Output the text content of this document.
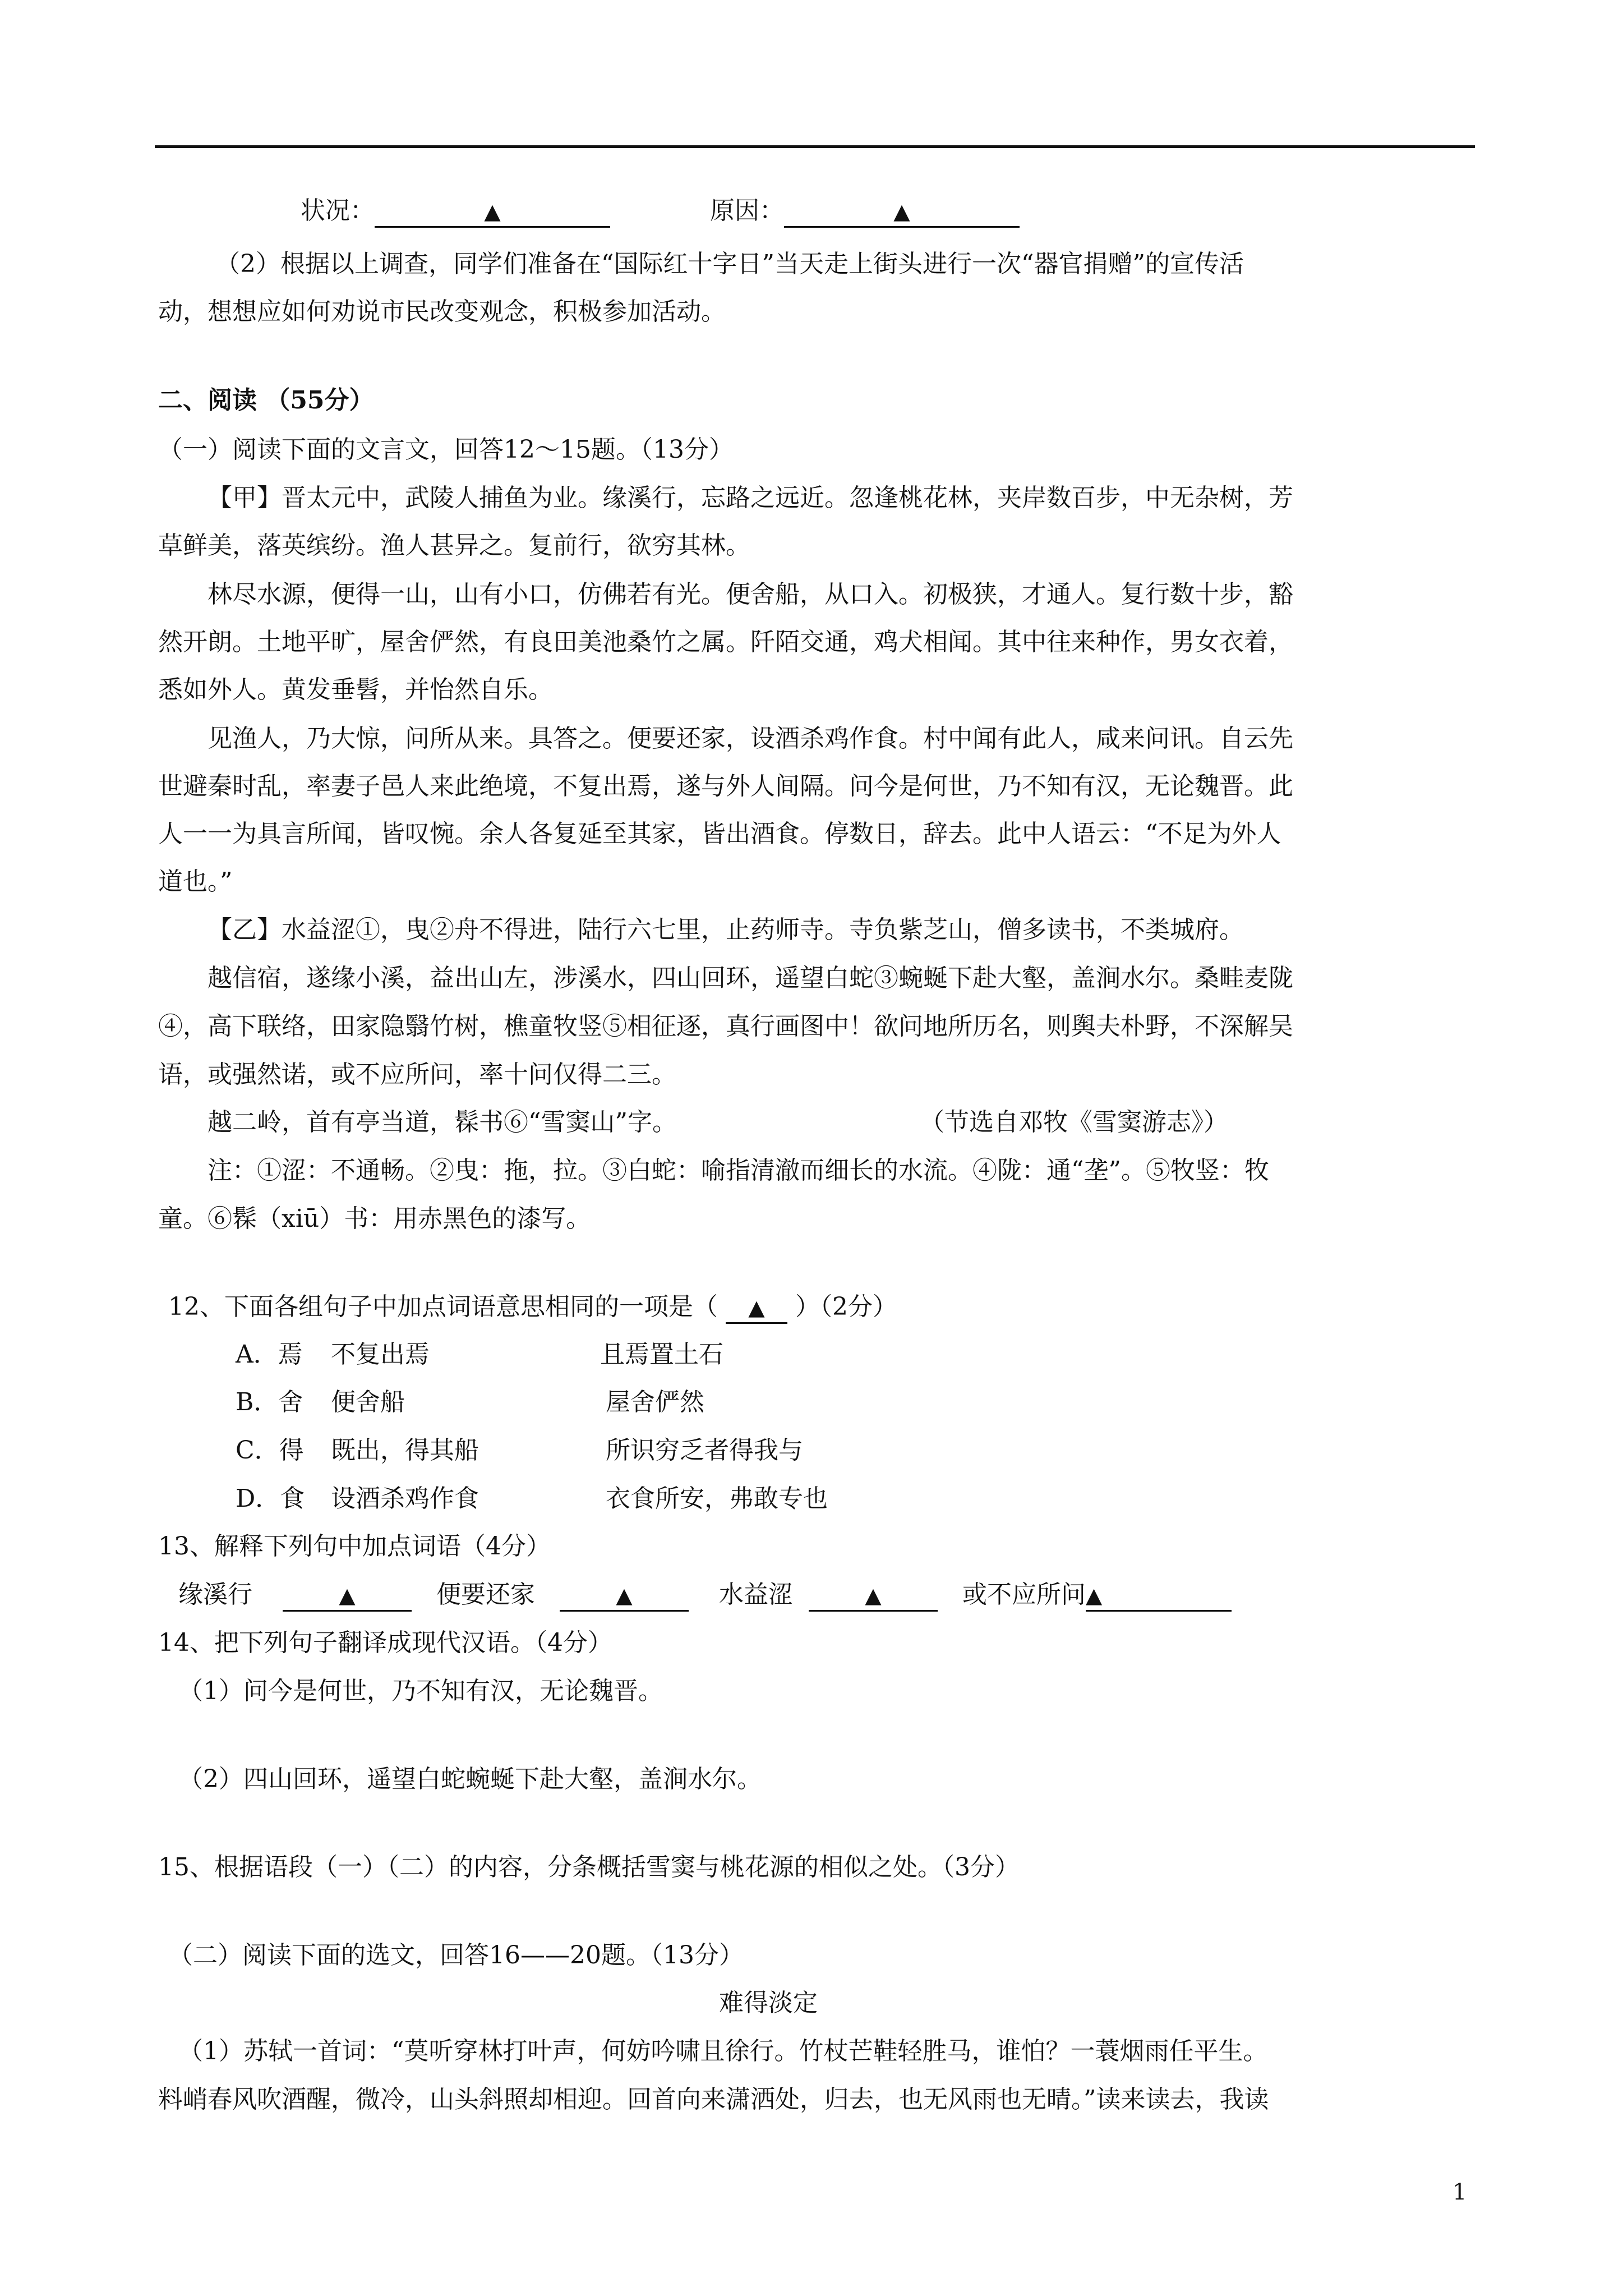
状况：	▲	原因：	▲
（2）根据以上调查，同学们准备在“国际红十字日”当天走上街头进行一次“器官捐赠”的宣传活
动，想想应如何劝说市民改变观念，积极参加活动。
二、阅读 （55分）
（一）阅读下面的文言文，回答12～15题。（13分）
【甲】晋太元中，武陵人捕鱼为业。缘溪行，忘路之远近。忽逢桃花林，夹岸数百步，中无杂树，芳
草鲜美，落英缤纷。渔人甚异之。复前行，欲穷其林。
林尽水源，便得一山，山有小口，仿佛若有光。便舍船，从口入。初极狭，才通人。复行数十步，豁
然开朗。土地平旷，屋舍俨然，有良田美池桑竹之属。阡陌交通，鸡犬相闻。其中往来种作，男女衣着，
悉如外人。黄发垂髫，并怡然自乐。
见渔人，乃大惊，问所从来。具答之。便要还家，设酒杀鸡作食。村中闻有此人，咸来问讯。自云先
世避秦时乱，率妻子邑人来此绝境，不复出焉，遂与外人间隔。问今是何世，乃不知有汉，无论魏晋。此
人一一为具言所闻，皆叹惋。余人各复延至其家，皆出酒食。停数日，辞去。此中人语云：“不足为外人
道也。”
【乙】水益涩①，曳②舟不得进，陆行六七里，止药师寺。寺负紫芝山，僧多读书，不类城府。
越信宿，遂缘小溪，益出山左，涉溪水，四山回环，遥望白蛇③蜿蜒下赴大壑，盖涧水尔。桑畦麦陇
④，高下联络，田家隐翳竹树，樵童牧竖⑤相征逐，真行画图中！欲问地所历名，则舆夫朴野，不深解吴
语，或强然诺，或不应所问，率十问仅得二三。
越二岭，首有亭当道，髹书⑥“雪窦山”字。	（节选自邓牧《雪窦游志》）
注：①涩：不通畅。②曳：拖，拉。③白蛇：喻指清澈而细长的水流。④陇：通“垄”。⑤牧竖：牧
童。⑥髹（xiū）书：用赤黑色的漆写。
12、下面各组句子中加点词语意思相同的一项是（ ▲ ）（2分）
A．焉 不复出焉	且焉置土石
B．舍 便舍船	屋舍俨然
C．得 既出，得其船	所识穷乏者得我与
D．食 设酒杀鸡作食	衣食所安，弗敢专也
13、解释下列句中加点词语（4分）
缘溪行	▲	便要还家	▲	水益涩	▲	或不应所问▲
14、把下列句子翻译成现代汉语。（4分）
（1）问今是何世，乃不知有汉，无论魏晋。
（2）四山回环，遥望白蛇蜿蜒下赴大壑，盖涧水尔。
15、根据语段（一）（二）的内容，分条概括雪窦与桃花源的相似之处。（3分）
（二）阅读下面的选文，回答16——20题。（13分）
难得淡定
（1）苏轼一首词：“莫听穿林打叶声，何妨吟啸且徐行。竹杖芒鞋轻胜马，谁怕？一蓑烟雨任平生。
料峭春风吹酒醒，微冷，山头斜照却相迎。回首向来潇洒处，归去，也无风雨也无晴。”读来读去，我读
1
